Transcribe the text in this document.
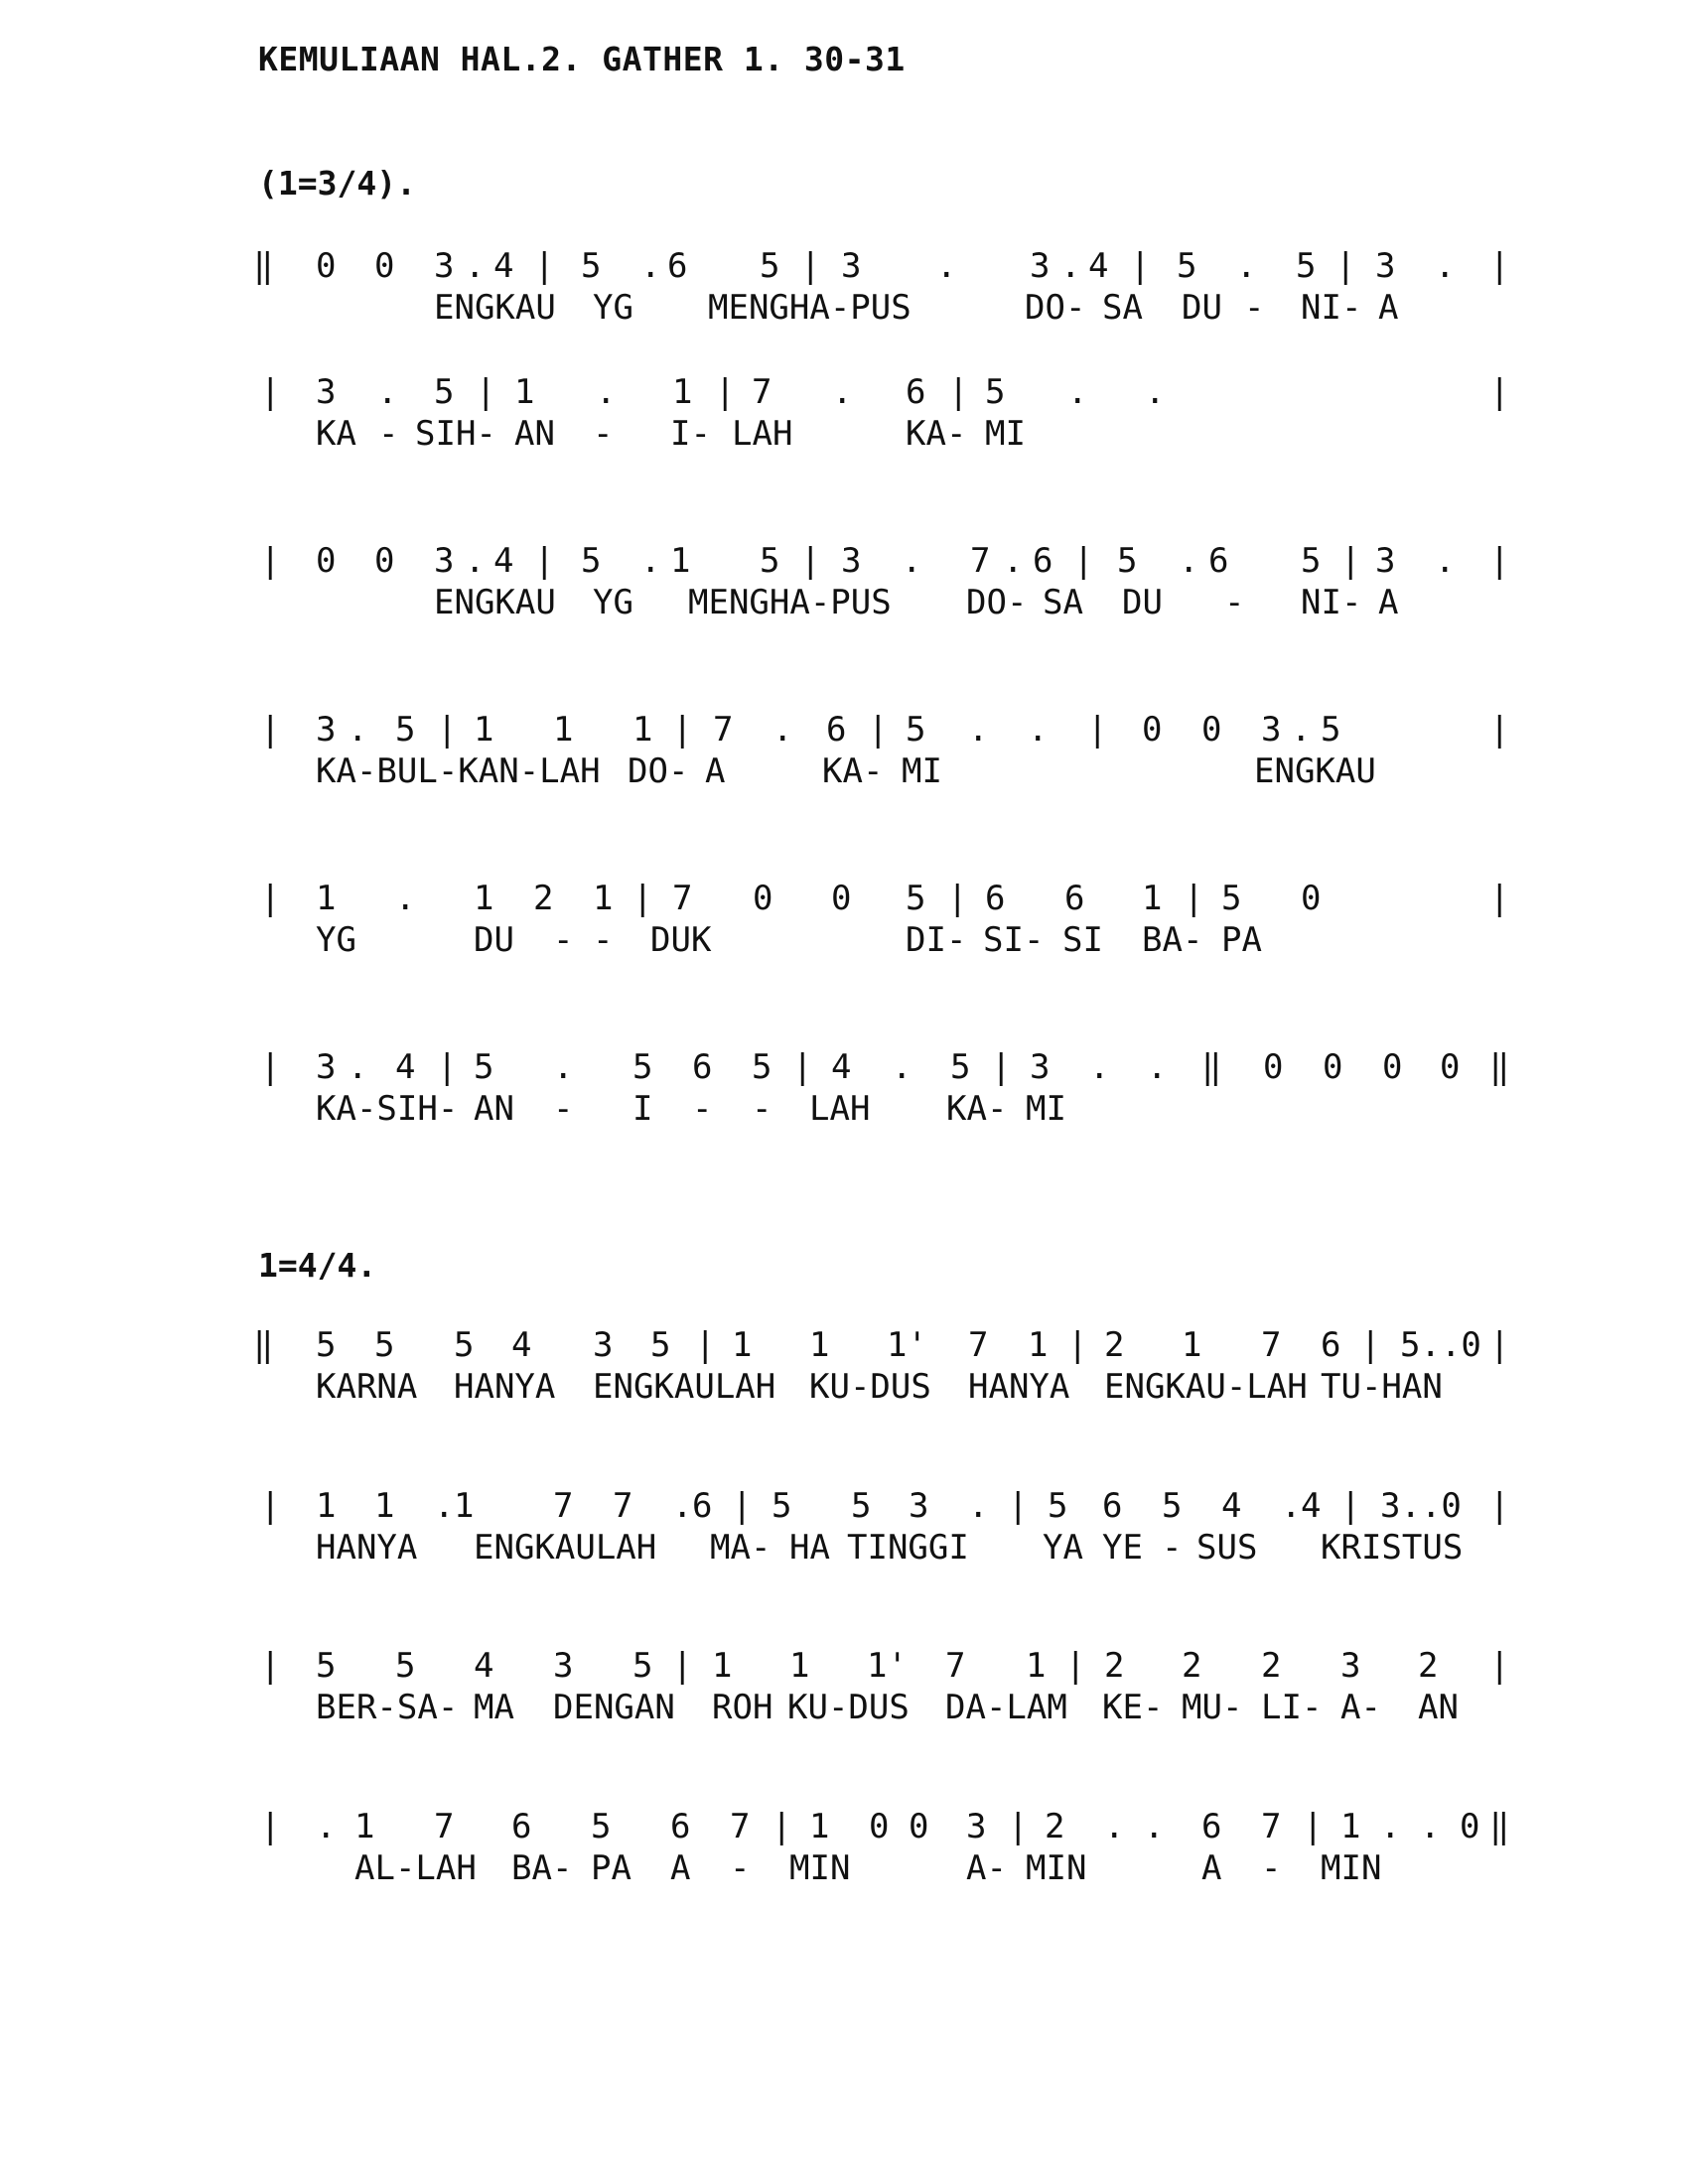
KEMULIAAN HAL.2. GATHER 1. 30-31
(1=3/4).
‖ 0 0 3 . 4 | 5 . 6 5 | 3 . 3 . 4 | 5 . 5 | 3 . |
ENGKAU YG MENGHA-PUS	DO- SA DU - NI- A
| 3 . 5 | 1 . 1 | 7 . 6 | 5 . .	|
KA - SIH- AN - I- LAH	KA- MI
| 0 0 3 . 4 | 5 . 1 5 | 3 . 7 . 6 | 5 . 6 5 | 3 . |
ENGKAU YG MENGHA-PUS DO- SA DU - NI- A
| 3 . 5 | 1 1 1 | 7 . 6 | 5 . . | 0 0 3 . 5	|
KA-BUL-KAN-LAH DO- A	KA- MI	ENGKAU
| 1 . 1 2 1 | 7 0 0 5 | 6 6 1 | 5 0	|
YG	DU - - DUK	DI- SI- SI BA- PA
| 3 . 4 | 5 . 5 6 5 | 4 . 5 | 3 . . ‖ 0 0 0 0 ‖
KA-SIH- AN - I - - LAH KA- MI
1=4/4.
‖ 5 5 5 4 3 5 | 1 1 1' 7 1 | 2 1 7 6 | 5..0 |
KARNA HANYA ENGKAULAH KU-DUS HANYA ENGKAU-LAH TU-HAN
| 1 1 . 1 7 7 . 6 | 5 5 3 . | 5 6 5 4 . 4 | 3..0 |
HANYA ENGKAULAH MA- HA TINGGI YA YE - SUS KRISTUS
| 5 5 4 3 5 | 1 1 1' 7 1 | 2 2 2 3 2 |
BER-SA- MA DENGAN ROH KU-DUS DA-LAM KE- MU- LI- A- AN
| . 1 7 6 5 6 7 | 1 0 0 3 | 2 . . 6 7 | 1 . . 0 ‖
AL-LAH BA- PA A - MIN	A- MIN	A - MIN
